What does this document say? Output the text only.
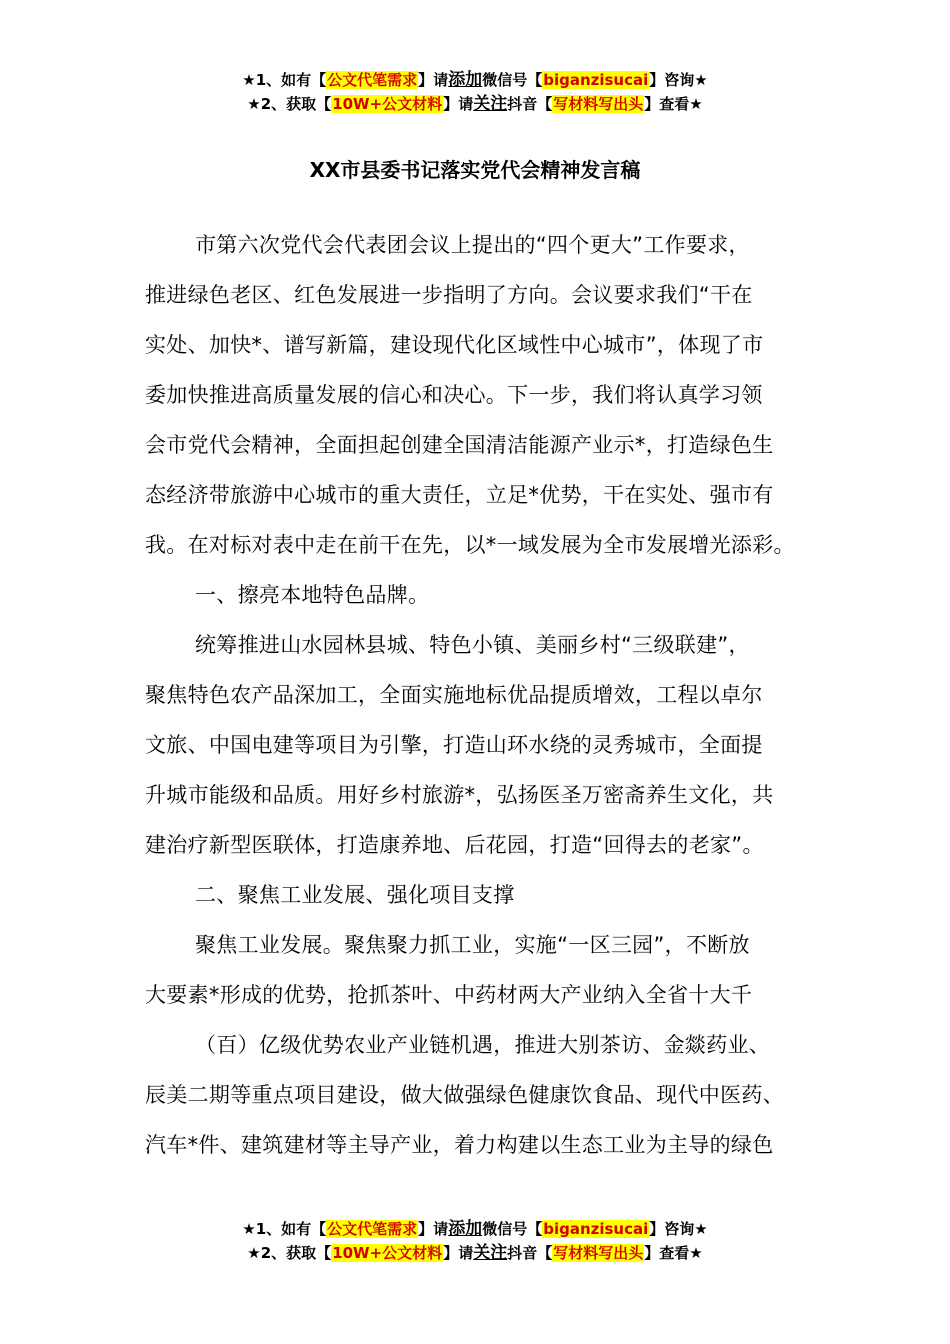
★1、如有【公文代笔需求】请添加微信号【biganzisucai】咨询★
★2、获取【10W+公文材料】请关注抖音【写材料写出头】查看★
XX市县委书记落实党代会精神发言稿
市第六次党代会代表团会议上提出的“四个更大”工作要求，
推进绿色老区、红色发展进一步指明了方向。会议要求我们“干在
实处、加快*、谱写新篇，建设现代化区域性中心城市”，体现了市
委加快推进高质量发展的信心和决心。下一步，我们将认真学习领
会市党代会精神，全面担起创建全国清洁能源产业示*，打造绿色生
态经济带旅游中心城市的重大责任，立足*优势，干在实处、强市有
我。在对标对表中走在前干在先，以*一域发展为全市发展增光添彩。
一、擦亮本地特色品牌。
统筹推进山水园林县城、特色小镇、美丽乡村“三级联建”，
聚焦特色农产品深加工，全面实施地标优品提质增效，工程以卓尔
文旅、中国电建等项目为引擎，打造山环水绕的灵秀城市，全面提
升城市能级和品质。用好乡村旅游*，弘扬医圣万密斋养生文化，共
建治疗新型医联体，打造康养地、后花园，打造“回得去的老家”。
二、聚焦工业发展、强化项目支撑
聚焦工业发展。聚焦聚力抓工业，实施“一区三园”，不断放
大要素*形成的优势，抢抓茶叶、中药材两大产业纳入全省十大千
（百）亿级优势农业产业链机遇，推进大别茶访、金燚药业、
辰美二期等重点项目建设，做大做强绿色健康饮食品、现代中医药、
汽车*件、建筑建材等主导产业，着力构建以生态工业为主导的绿色
★1、如有【公文代笔需求】请添加微信号【biganzisucai】咨询★
★2、获取【10W+公文材料】请关注抖音【写材料写出头】查看★
